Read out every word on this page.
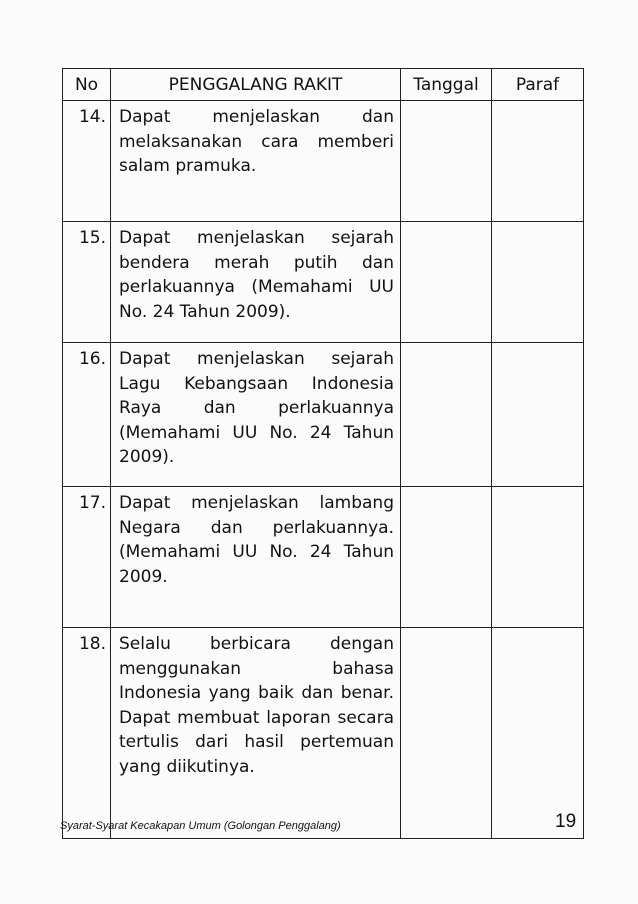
No	PENGGALANG RAKIT	Tanggal	Paraf
14.	Dapat menjelaskan dan melaksanakan cara memberi salam pramuka.		
15.	Dapat menjelaskan sejarah bendera merah putih dan perlakuannya (Memahami UU No. 24 Tahun 2009).		
16.	Dapat menjelaskan sejarah Lagu Kebangsaan Indonesia Raya dan perlakuannya (Memahami UU No. 24 Tahun 2009).		
17.	Dapat menjelaskan lambang Negara dan perlakuannya. (Memahami UU No. 24 Tahun 2009.		
18.	Selalu berbicara dengan menggunakan bahasa Indonesia yang baik dan benar. Dapat membuat laporan secara tertulis dari hasil pertemuan yang diikutinya.		
Syarat-Syarat Kecakapan Umum (Golongan Penggalang)	19
